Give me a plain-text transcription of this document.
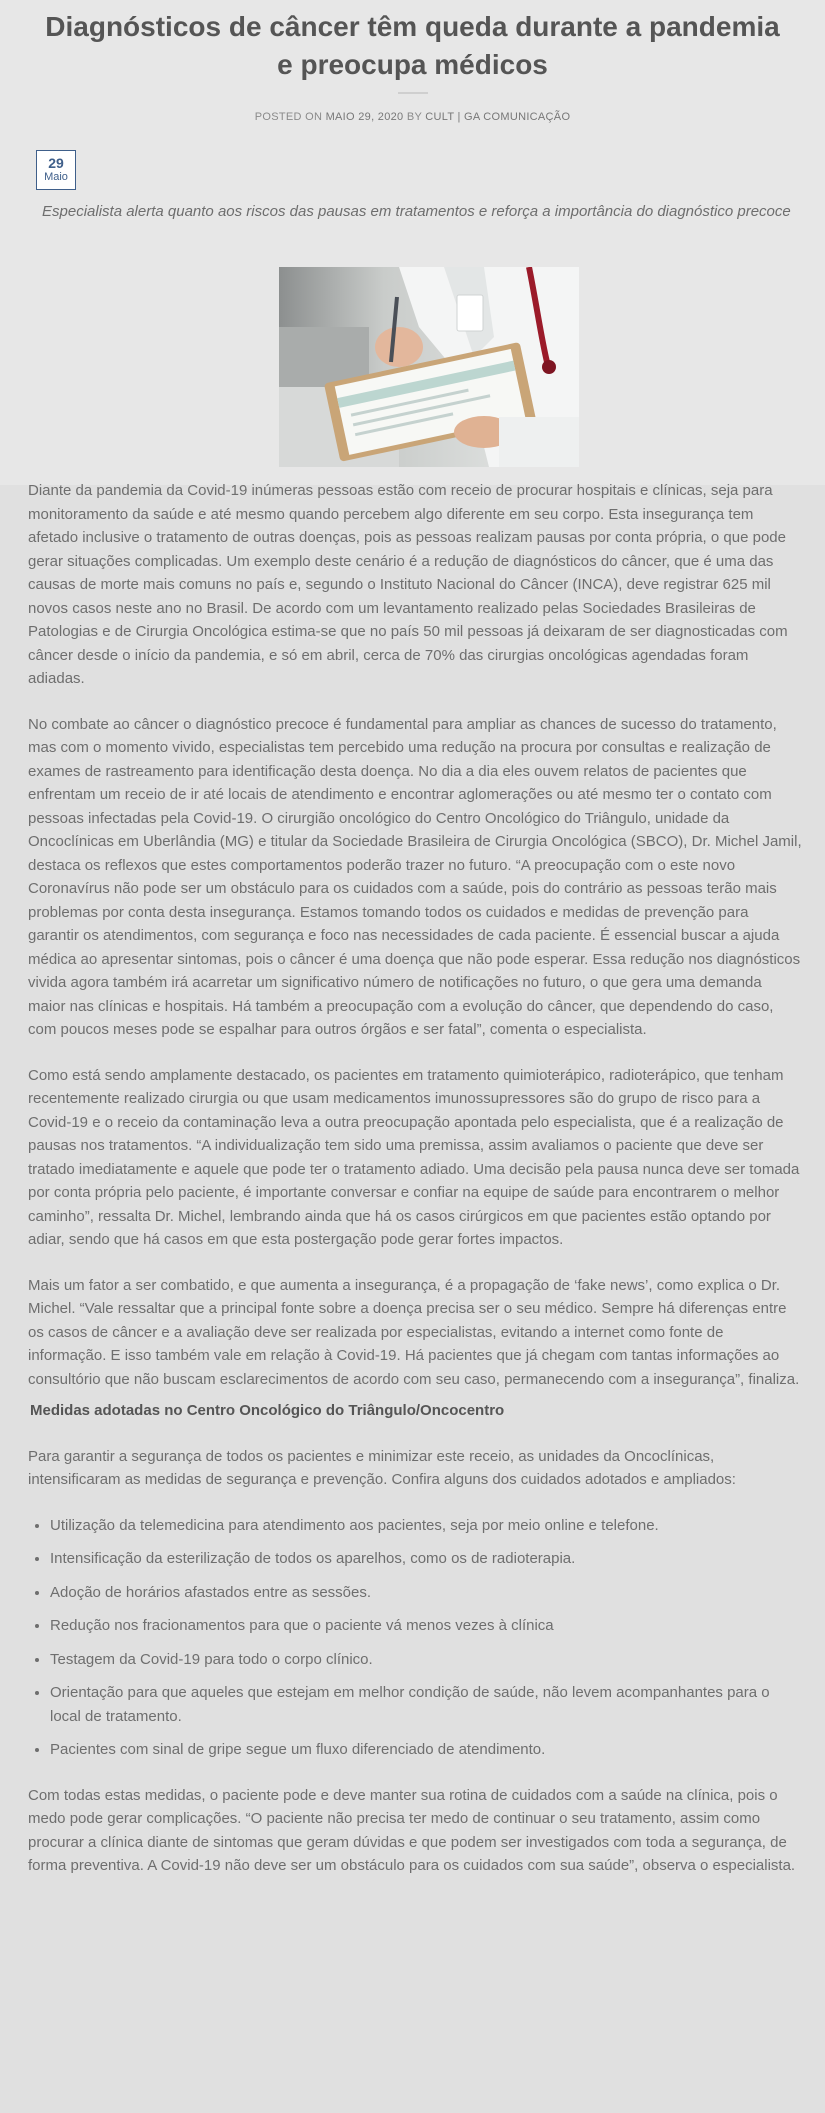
Diagnósticos de câncer têm queda durante a pandemia e preocupa médicos
POSTED ON MAIO 29, 2020 BY CULT | GA COMUNICAÇÃO
29
Maio

Especialista alerta quanto aos riscos das pausas em tratamentos e reforça a importância do diagnóstico precoce

Diante da pandemia da Covid-19 inúmeras pessoas estão com receio de procurar hospitais e clínicas, seja para monitoramento da saúde e até mesmo quando percebem algo diferente em seu corpo. Esta insegurança tem afetado inclusive o tratamento de outras doenças, pois as pessoas realizam pausas por conta própria, o que pode gerar situações complicadas. Um exemplo deste cenário é a redução de diagnósticos do câncer, que é uma das causas de morte mais comuns no país e, segundo o Instituto Nacional do Câncer (INCA), deve registrar 625 mil novos casos neste ano no Brasil. De acordo com um levantamento realizado pelas Sociedades Brasileiras de Patologias e de Cirurgia Oncológica estima-se que no país 50 mil pessoas já deixaram de ser diagnosticadas com câncer desde o início da pandemia, e só em abril, cerca de 70% das cirurgias oncológicas agendadas foram adiadas.

No combate ao câncer o diagnóstico precoce é fundamental para ampliar as chances de sucesso do tratamento, mas com o momento vivido, especialistas tem percebido uma redução na procura por consultas e realização de exames de rastreamento para identificação desta doença. No dia a dia eles ouvem relatos de pacientes que enfrentam um receio de ir até locais de atendimento e encontrar aglomerações ou até mesmo ter o contato com pessoas infectadas pela Covid-19. O cirurgião oncológico do Centro Oncológico do Triângulo, unidade da Oncoclínicas em Uberlândia (MG) e titular da Sociedade Brasileira de Cirurgia Oncológica (SBCO), Dr. Michel Jamil, destaca os reflexos que estes comportamentos poderão trazer no futuro. “A preocupação com o este novo Coronavírus não pode ser um obstáculo para os cuidados com a saúde, pois do contrário as pessoas terão mais problemas por conta desta insegurança. Estamos tomando todos os cuidados e medidas de prevenção para garantir os atendimentos, com segurança e foco nas necessidades de cada paciente. É essencial buscar a ajuda médica ao apresentar sintomas, pois o câncer é uma doença que não pode esperar. Essa redução nos diagnósticos vivida agora também irá acarretar um significativo número de notificações no futuro, o que gera uma demanda maior nas clínicas e hospitais. Há também a preocupação com a evolução do câncer, que dependendo do caso, com poucos meses pode se espalhar para outros órgãos e ser fatal”, comenta o especialista.

Como está sendo amplamente destacado, os pacientes em tratamento quimioterápico, radioterápico, que tenham recentemente realizado cirurgia ou que usam medicamentos imunossupressores são do grupo de risco para a Covid-19 e o receio da contaminação leva a outra preocupação apontada pelo especialista, que é a realização de pausas nos tratamentos. “A individualização tem sido uma premissa, assim avaliamos o paciente que deve ser tratado imediatamente e aquele que pode ter o tratamento adiado. Uma decisão pela pausa nunca deve ser tomada por conta própria pelo paciente, é importante conversar e confiar na equipe de saúde para encontrarem o melhor caminho”, ressalta Dr. Michel, lembrando ainda que há os casos cirúrgicos em que pacientes estão optando por adiar, sendo que há casos em que esta postergação pode gerar fortes impactos.

Mais um fator a ser combatido, e que aumenta a insegurança, é a propagação de ‘fake news’, como explica o Dr. Michel. “Vale ressaltar que a principal fonte sobre a doença precisa ser o seu médico. Sempre há diferenças entre os casos de câncer e a avaliação deve ser realizada por especialistas, evitando a internet como fonte de informação. E isso também vale em relação à Covid-19. Há pacientes que já chegam com tantas informações ao consultório que não buscam esclarecimentos de acordo com seu caso, permanecendo com a insegurança”, finaliza.

Medidas adotadas no Centro Oncológico do Triângulo/Oncocentro

Para garantir a segurança de todos os pacientes e minimizar este receio, as unidades da Oncoclínicas, intensificaram as medidas de segurança e prevenção. Confira alguns dos cuidados adotados e ampliados:

• Utilização da telemedicina para atendimento aos pacientes, seja por meio online e telefone.
• Intensificação da esterilização de todos os aparelhos, como os de radioterapia.
• Adoção de horários afastados entre as sessões.
• Redução nos fracionamentos para que o paciente vá menos vezes à clínica
• Testagem da Covid-19 para todo o corpo clínico.
• Orientação para que aqueles que estejam em melhor condição de saúde, não levem acompanhantes para o local de tratamento.
• Pacientes com sinal de gripe segue um fluxo diferenciado de atendimento.

Com todas estas medidas, o paciente pode e deve manter sua rotina de cuidados com a saúde na clínica, pois o medo pode gerar complicações. “O paciente não precisa ter medo de continuar o seu tratamento, assim como procurar a clínica diante de sintomas que geram dúvidas e que podem ser investigados com toda a segurança, de forma preventiva. A Covid-19 não deve ser um obstáculo para os cuidados com sua saúde”, observa o especialista.
